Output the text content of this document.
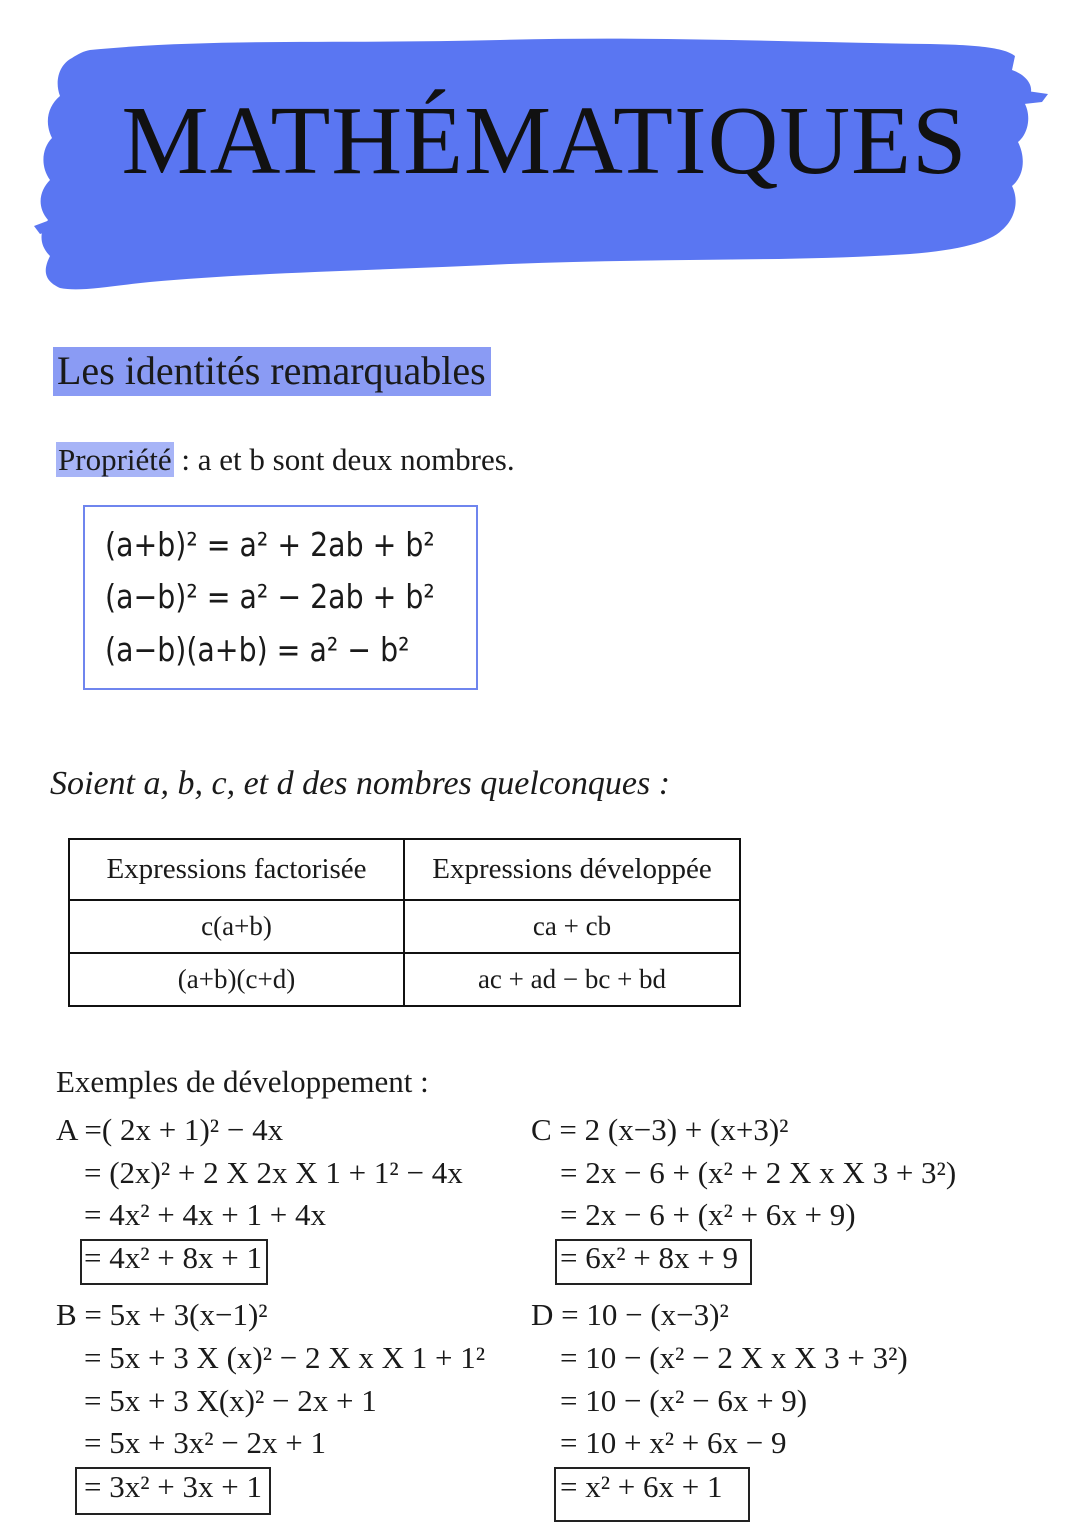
MATHÉMATIQUES
Les identités remarquables
Propriété : a et b sont deux nombres.
(a+b)² = a² + 2ab + b²
(a−b)² = a² − 2ab + b²
(a−b)(a+b) = a² − b²
Soient a, b, c, et d des nombres quelconques :
Expressions factorisée	Expressions développée
c(a+b)	ca + cb
(a+b)(c+d)	ac + ad − bc + bd
Exemples de développement :
A =( 2x + 1)² − 4x
= (2x)² + 2 X 2x X 1 + 1² − 4x
= 4x² + 4x + 1 + 4x
= 4x² + 8x + 1
B = 5x + 3(x−1)²
= 5x + 3 X (x)² − 2 X x X 1 + 1²
= 5x + 3 X(x)² − 2x + 1
= 5x + 3x² − 2x + 1
= 3x² + 3x + 1
C = 2 (x−3) + (x+3)²
= 2x − 6 + (x² + 2 X x X 3 + 3²)
= 2x − 6 + (x² + 6x + 9)
= 6x² + 8x + 9
D = 10 − (x−3)²
= 10 − (x² − 2 X x X 3 + 3²)
= 10 − (x² − 6x + 9)
= 10 + x² + 6x − 9
= x² + 6x + 1
